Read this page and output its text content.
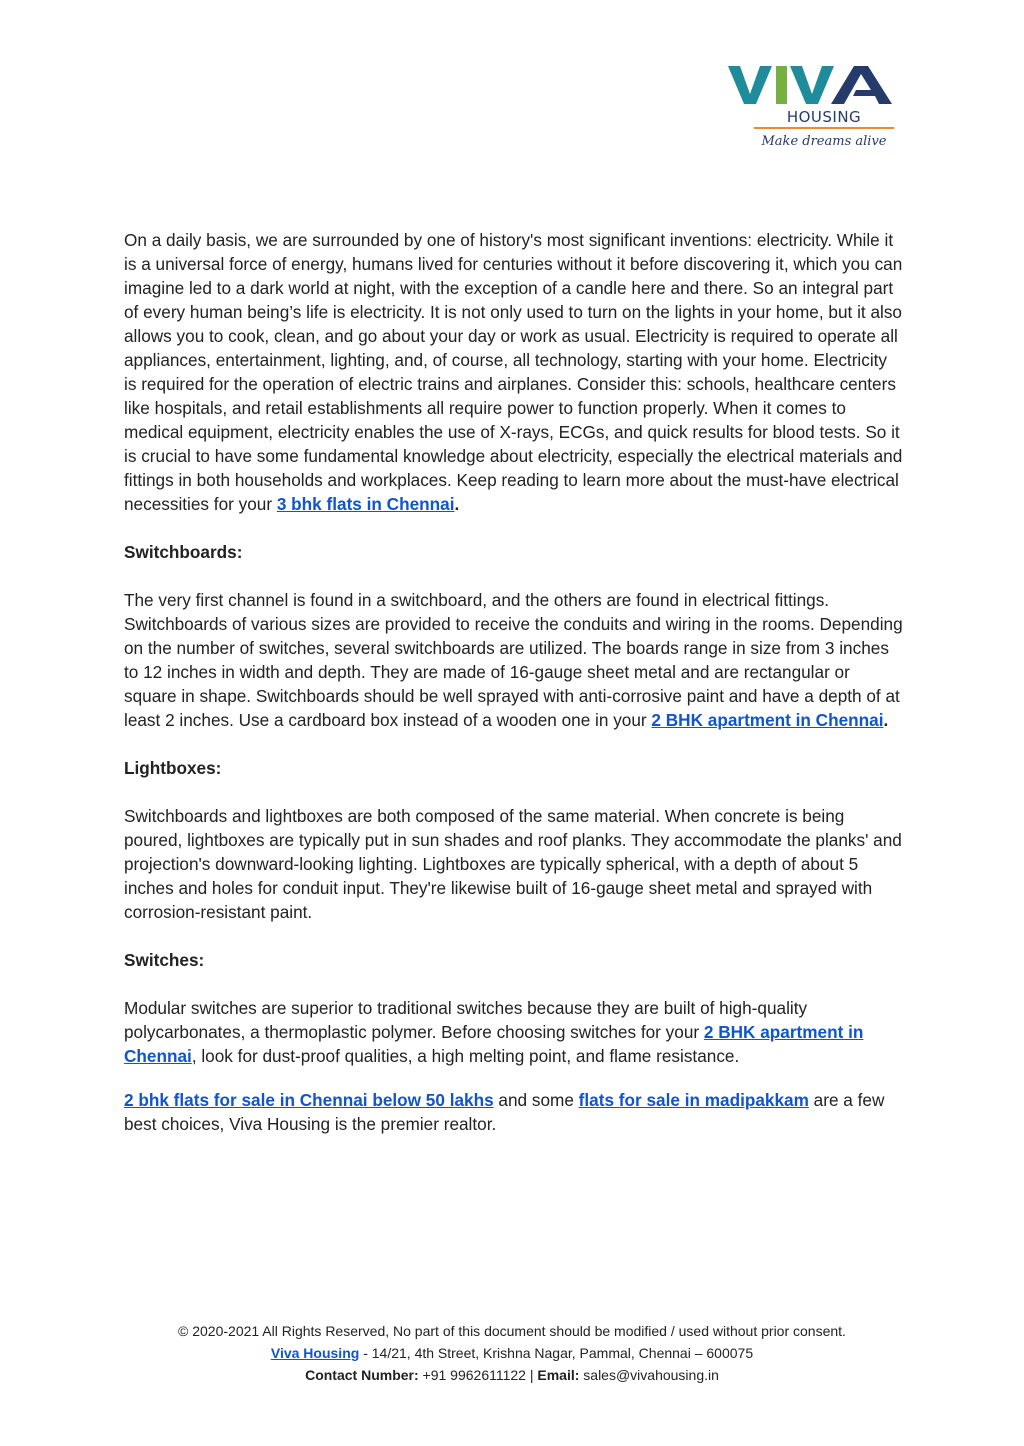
HOUSING
Make dreams alive

On a daily basis, we are surrounded by one of history's most significant inventions: electricity. While it is a universal force of energy, humans lived for centuries without it before discovering it, which you can imagine led to a dark world at night, with the exception of a candle here and there. So an integral part of every human being’s life is electricity. It is not only used to turn on the lights in your home, but it also allows you to cook, clean, and go about your day or work as usual. Electricity is required to operate all appliances, entertainment, lighting, and, of course, all technology, starting with your home. Electricity is required for the operation of electric trains and airplanes. Consider this: schools, healthcare centers like hospitals, and retail establishments all require power to function properly. When it comes to medical equipment, electricity enables the use of X-rays, ECGs, and quick results for blood tests. So it is crucial to have some fundamental knowledge about electricity, especially the electrical materials and fittings in both households and workplaces. Keep reading to learn more about the must-have electrical necessities for your 3 bhk flats in Chennai.

Switchboards:

The very first channel is found in a switchboard, and the others are found in electrical fittings. Switchboards of various sizes are provided to receive the conduits and wiring in the rooms. Depending on the number of switches, several switchboards are utilized. The boards range in size from 3 inches to 12 inches in width and depth. They are made of 16-gauge sheet metal and are rectangular or square in shape. Switchboards should be well sprayed with anti-corrosive paint and have a depth of at least 2 inches. Use a cardboard box instead of a wooden one in your 2 BHK apartment in Chennai.

Lightboxes:

Switchboards and lightboxes are both composed of the same material. When concrete is being poured, lightboxes are typically put in sun shades and roof planks. They accommodate the planks' and projection's downward-looking lighting. Lightboxes are typically spherical, with a depth of about 5 inches and holes for conduit input. They're likewise built of 16-gauge sheet metal and sprayed with corrosion-resistant paint.

Switches:

Modular switches are superior to traditional switches because they are built of high-quality polycarbonates, a thermoplastic polymer. Before choosing switches for your 2 BHK apartment in Chennai, look for dust-proof qualities, a high melting point, and flame resistance.

2 bhk flats for sale in Chennai below 50 lakhs and some flats for sale in madipakkam are a few best choices, Viva Housing is the premier realtor.

© 2020-2021 All Rights Reserved, No part of this document should be modified / used without prior consent.
Viva Housing - 14/21, 4th Street, Krishna Nagar, Pammal, Chennai – 600075
Contact Number: +91 9962611122 | Email: sales@vivahousing.in
